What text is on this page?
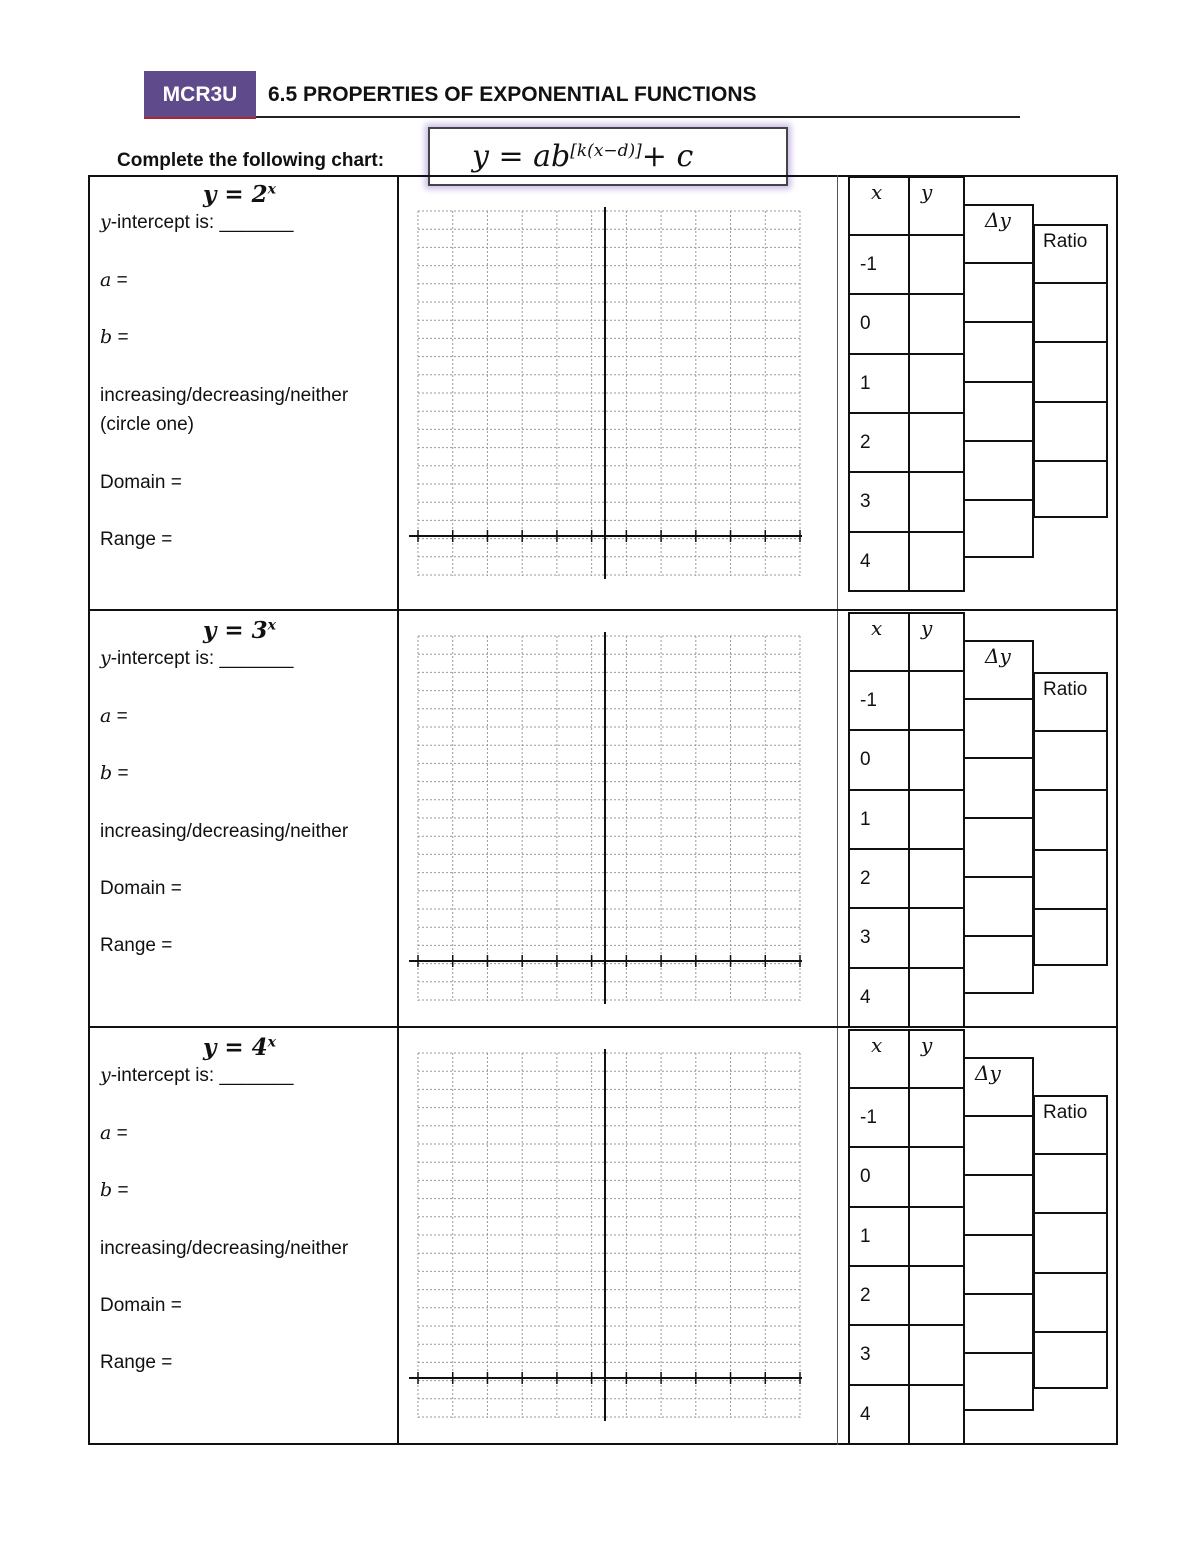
MCR3U	6.5 PROPERTIES OF EXPONENTIAL FUNCTIONS
Complete the following chart:	y = ab[k(x−d)] + c
$y = 2^x$
y-intercept is: _______
a =
b =
increasing/decreasing/neither
(circle one)
Domain =
Range =
$y = 3^x$
y-intercept is: _______
a =
b =
increasing/decreasing/neither
Domain =
Range =
$y = 4^x$
y-intercept is: _______
a =
b =
increasing/decreasing/neither
Domain =
Range =
x y
-1
0
1
2
3
4
Δy
Ratio
x y
-1
0
1
2
3
4
Δy
Ratio
x y
-1
0
1
2
3
4
Δy
Ratio
